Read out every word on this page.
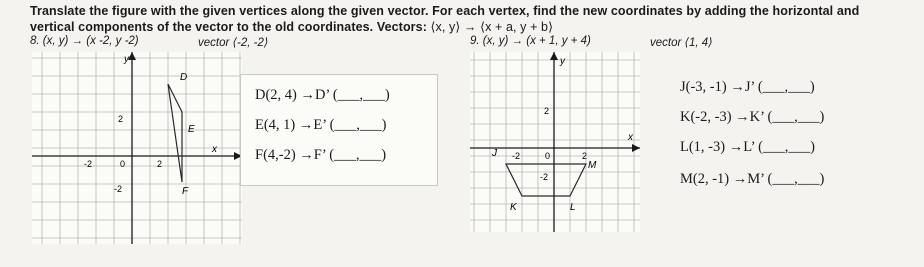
Translate the figure with the given vertices along the given vector. For each vertex, find the new coordinates by adding the horizontal and
vertical components of the vector to the old coordinates. Vectors: ⟨x, y⟩ → ⟨x + a, y + b⟩
8. (x, y) → (x -2, y -2)	vector ⟨-2, -2⟩	9. (x, y) → (x + 1, y + 4)	vector ⟨1, 4⟩
y
x
2
-2	0	2
-2
D
E
F
D(2, 4) →D’ (___,___)
E(4, 1) →E’ (___,___)
F(4,-2) →F’ (___,___)
y
x
2
-2	0	2
-2
J
K	L
M
J(-3, -1) →J’ (___,___)
K(-2, -3) →K’ (___,___)
L(1, -3) →L’ (___,___)
M(2, -1) →M’ (___,___)
